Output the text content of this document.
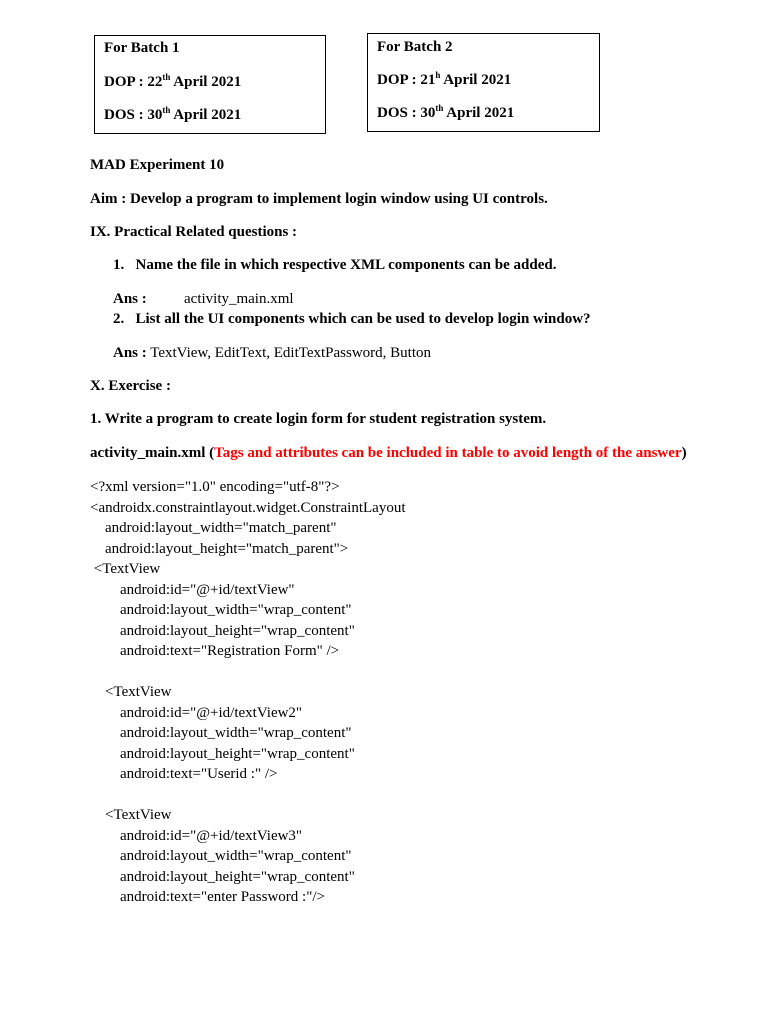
For Batch 1
DOP : 22th April 2021
DOS : 30th April 2021
For Batch 2
DOP : 21$^h$ April 2021
DOS : 30th April 2021
MAD Experiment 10
Aim : Develop a program to implement login window using UI controls.
IX. Practical Related questions :
1.  Name the file in which respective XML components can be added.
Ans : activity_main.xml
2.  List all the UI components which can be used to develop login window?
Ans : TextView, EditText, EditTextPassword, Button
X. Exercise :
1. Write a program to create login form for student registration system.
activity_main.xml (Tags and attributes can be included in table to avoid length of the answer)
<?xml version="1.0" encoding="utf-8"?>
<androidx.constraintlayout.widget.ConstraintLayout
android:layout_width="match_parent"
android:layout_height="match_parent">
<TextView
android:id="@+id/textView"
android:layout_width="wrap_content"
android:layout_height="wrap_content"
android:text="Registration Form" />

<TextView
android:id="@+id/textView2"
android:layout_width="wrap_content"
android:layout_height="wrap_content"
android:text="Userid :" />

<TextView
android:id="@+id/textView3"
android:layout_width="wrap_content"
android:layout_height="wrap_content"
android:text="enter Password :"/>
